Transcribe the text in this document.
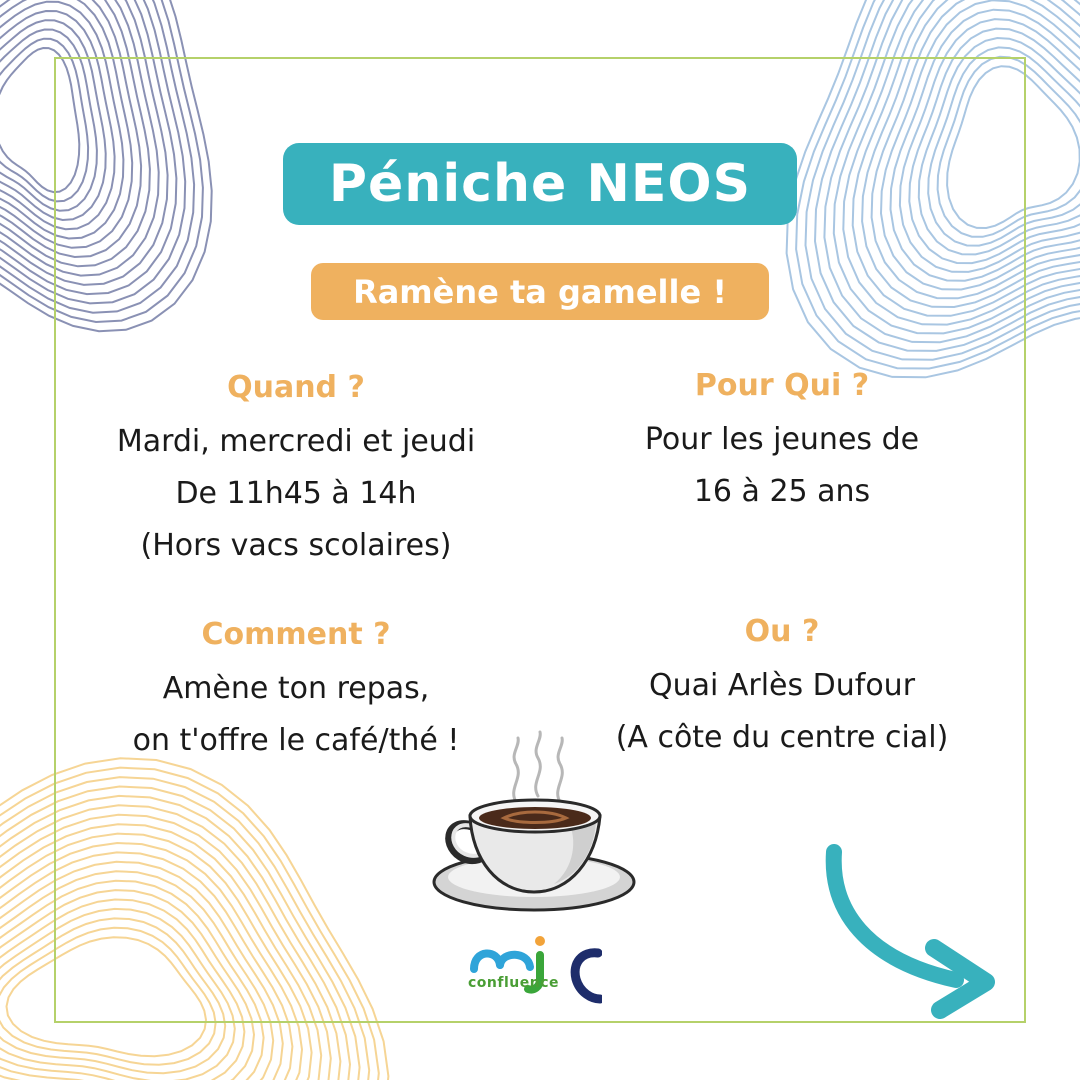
Péniche NEOS
Ramène ta gamelle !
Quand ?
Mardi, mercredi et jeudi
De 11h45 à 14h
(Hors vacs scolaires)
Pour Qui ?
Pour les jeunes de
16 à 25 ans
Comment ?
Amène ton repas,
on t'offre le café/thé !
Ou ?
Quai Arlès Dufour
(A côte du centre cial)
confluence
